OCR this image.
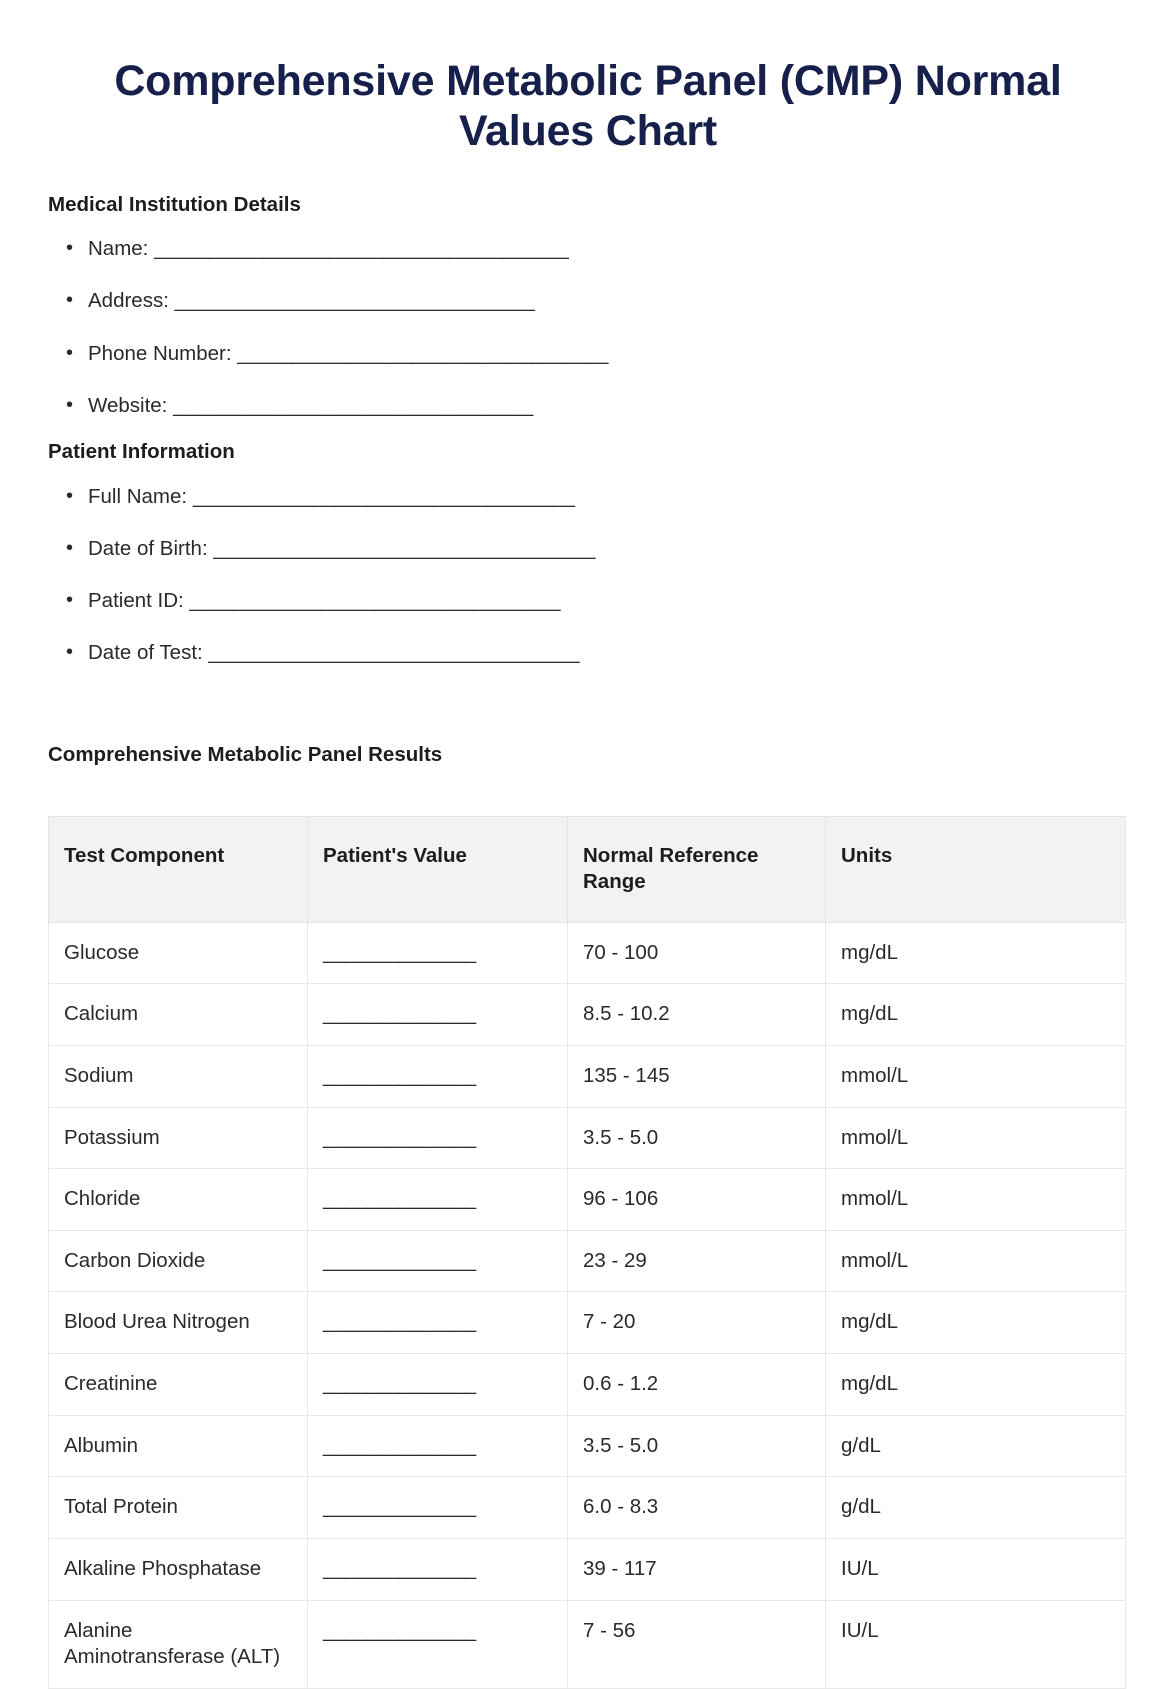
Comprehensive Metabolic Panel (CMP) Normal Values Chart
Medical Institution Details
• Name: ______________________________________
• Address: _________________________________
• Phone Number: __________________________________
• Website: _________________________________
Patient Information
• Full Name: ___________________________________
• Date of Birth: ___________________________________
• Patient ID: __________________________________
• Date of Test: __________________________________
Comprehensive Metabolic Panel Results
Test Component	Patient's Value	Normal Reference Range	Units
Glucose	______________	70 - 100	mg/dL
Calcium	______________	8.5 - 10.2	mg/dL
Sodium	______________	135 - 145	mmol/L
Potassium	______________	3.5 - 5.0	mmol/L
Chloride	______________	96 - 106	mmol/L
Carbon Dioxide	______________	23 - 29	mmol/L
Blood Urea Nitrogen	______________	7 - 20	mg/dL
Creatinine	______________	0.6 - 1.2	mg/dL
Albumin	______________	3.5 - 5.0	g/dL
Total Protein	______________	6.0 - 8.3	g/dL
Alkaline Phosphatase	______________	39 - 117	IU/L
Alanine Aminotransferase (ALT)	______________	7 - 56	IU/L
